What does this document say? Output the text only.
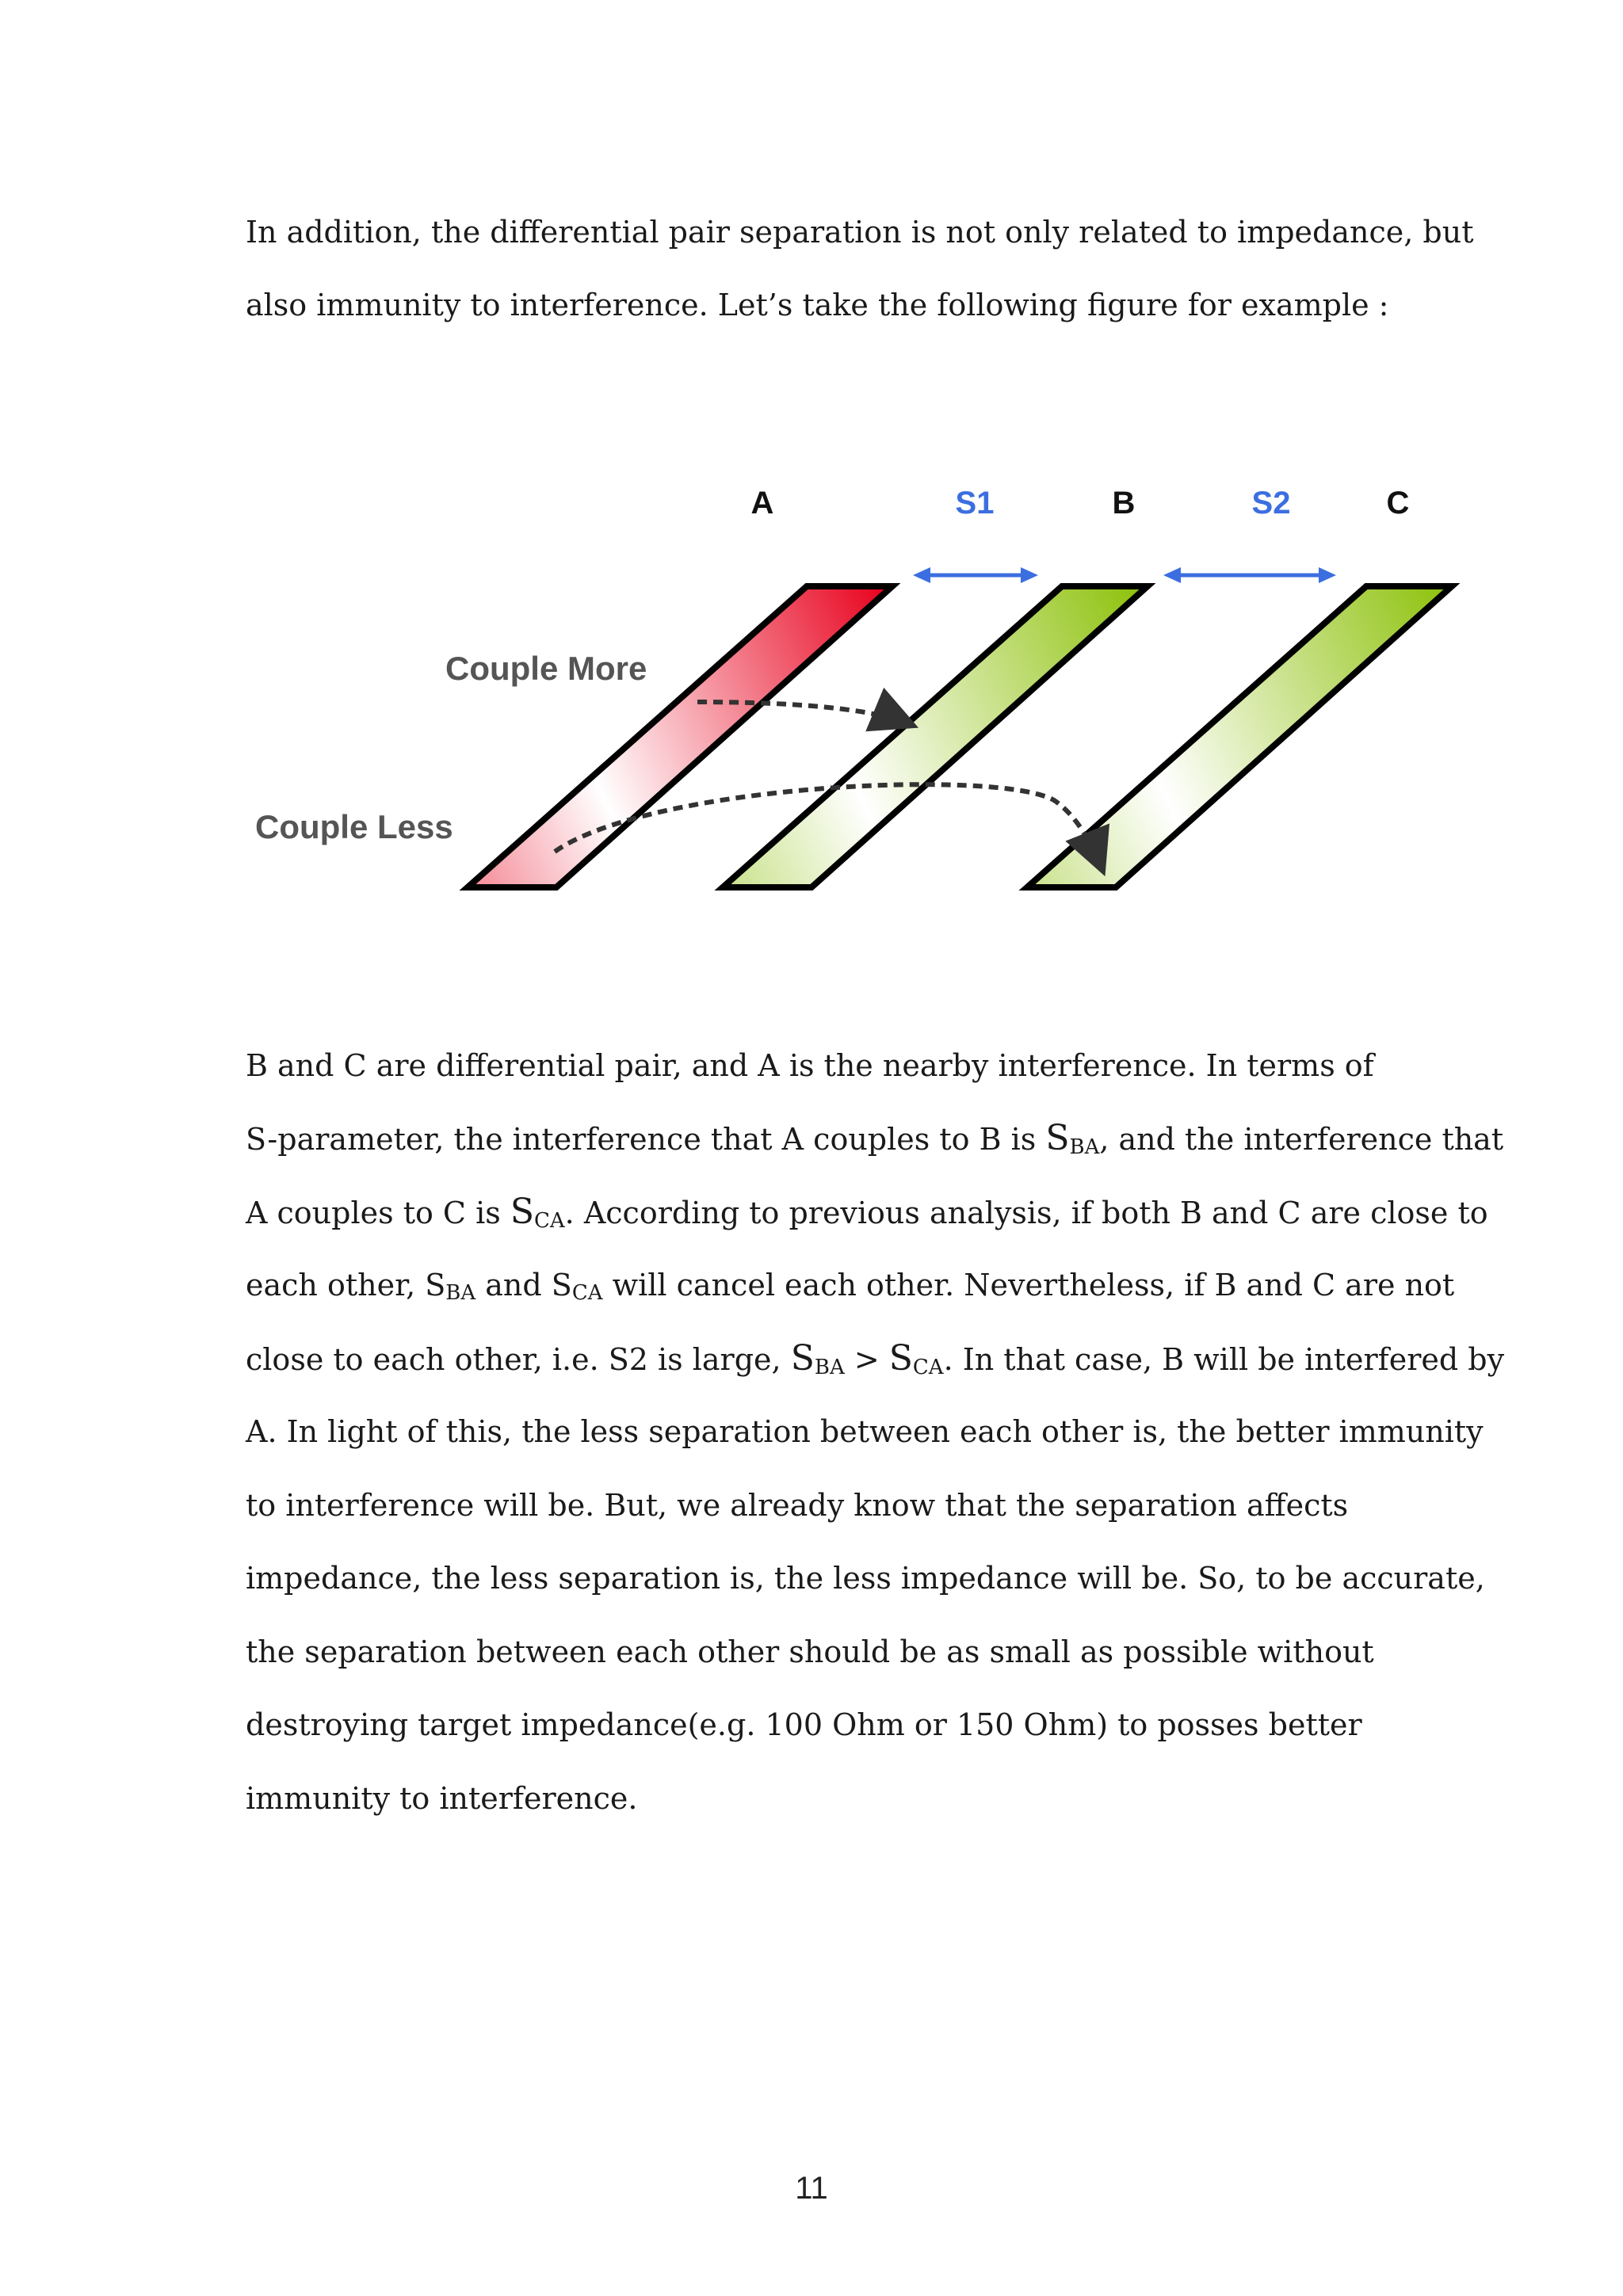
In addition, the differential pair separation is not only related to impedance, but
also immunity to interference. Let’s take the following figure for example :
A	S1	B	S2	C
Couple More
Couple Less
B and C are differential pair, and A is the nearby interference. In terms of
S-parameter, the interference that A couples to B is $S_{BA}$, and the interference that
A couples to C is $S_{CA}$. According to previous analysis, if both B and C are close to
each other, $S_{BA}$ and $S_{CA}$ will cancel each other. Nevertheless, if B and C are not
close to each other, i.e. S2 is large, $S_{BA} > S_{CA}$. In that case, B will be interfered by
A. In light of this, the less separation between each other is, the better immunity
to interference will be. But, we already know that the separation affects
impedance, the less separation is, the less impedance will be. So, to be accurate,
the separation between each other should be as small as possible without
destroying target impedance(e.g. 100 Ohm or 150 Ohm) to posses better
immunity to interference.
11
